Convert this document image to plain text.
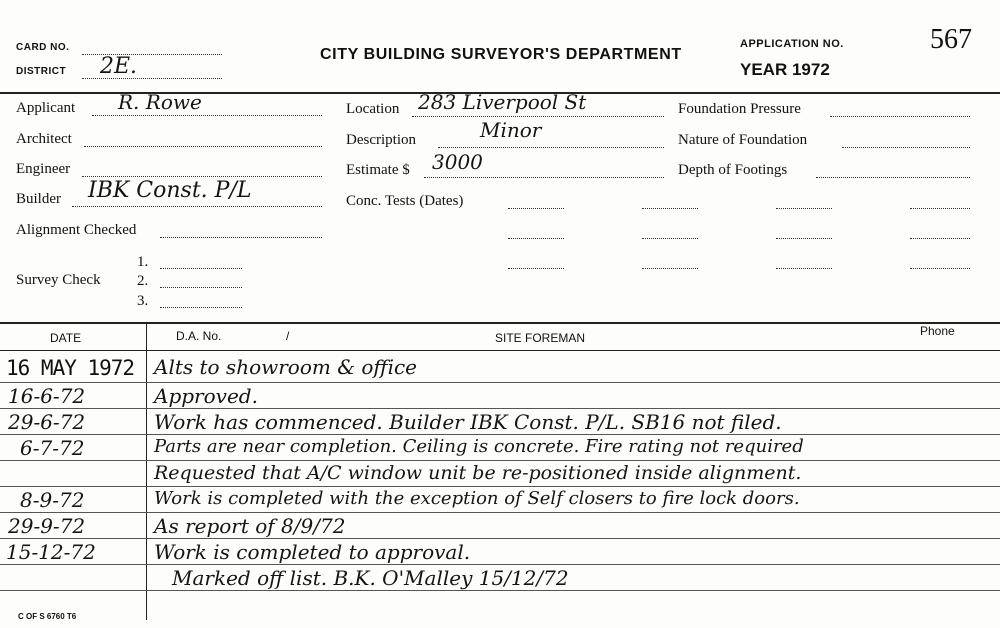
CARD NO.
DISTRICT 2E.	CITY BUILDING SURVEYOR'S DEPARTMENT
APPLICATION NO.	567
YEAR 1972
Applicant R. Rowe
Architect
Engineer
Builder IBK Const. P/L
Alignment Checked
Survey Check
1.
2.
3.
Location 283 Liverpool St
Description	Minor
Estimate $ 3000
Conc. Tests (Dates)
Foundation Pressure
Nature of Foundation
Depth of Footings
DATE	D.A. No.	/	SITE FOREMAN	Phone
16 MAY 1972 Alts to showroom & office
16-6-72	Approved.
29-6-72	Work has commenced. Builder IBK Const. P/L. SB16 not filed.
6-7-72	Parts are near completion. Ceiling is concrete. Fire rating not required
Requested that A/C window unit be re-positioned inside alignment.
8-9-72	Work is completed with the exception of Self closers to fire lock doors.
29-9-72	As report of 8/9/72
15-12-72	Work is completed to approval.
Marked off list. B.K. O'Malley 15/12/72
C OF S 6760 T6
